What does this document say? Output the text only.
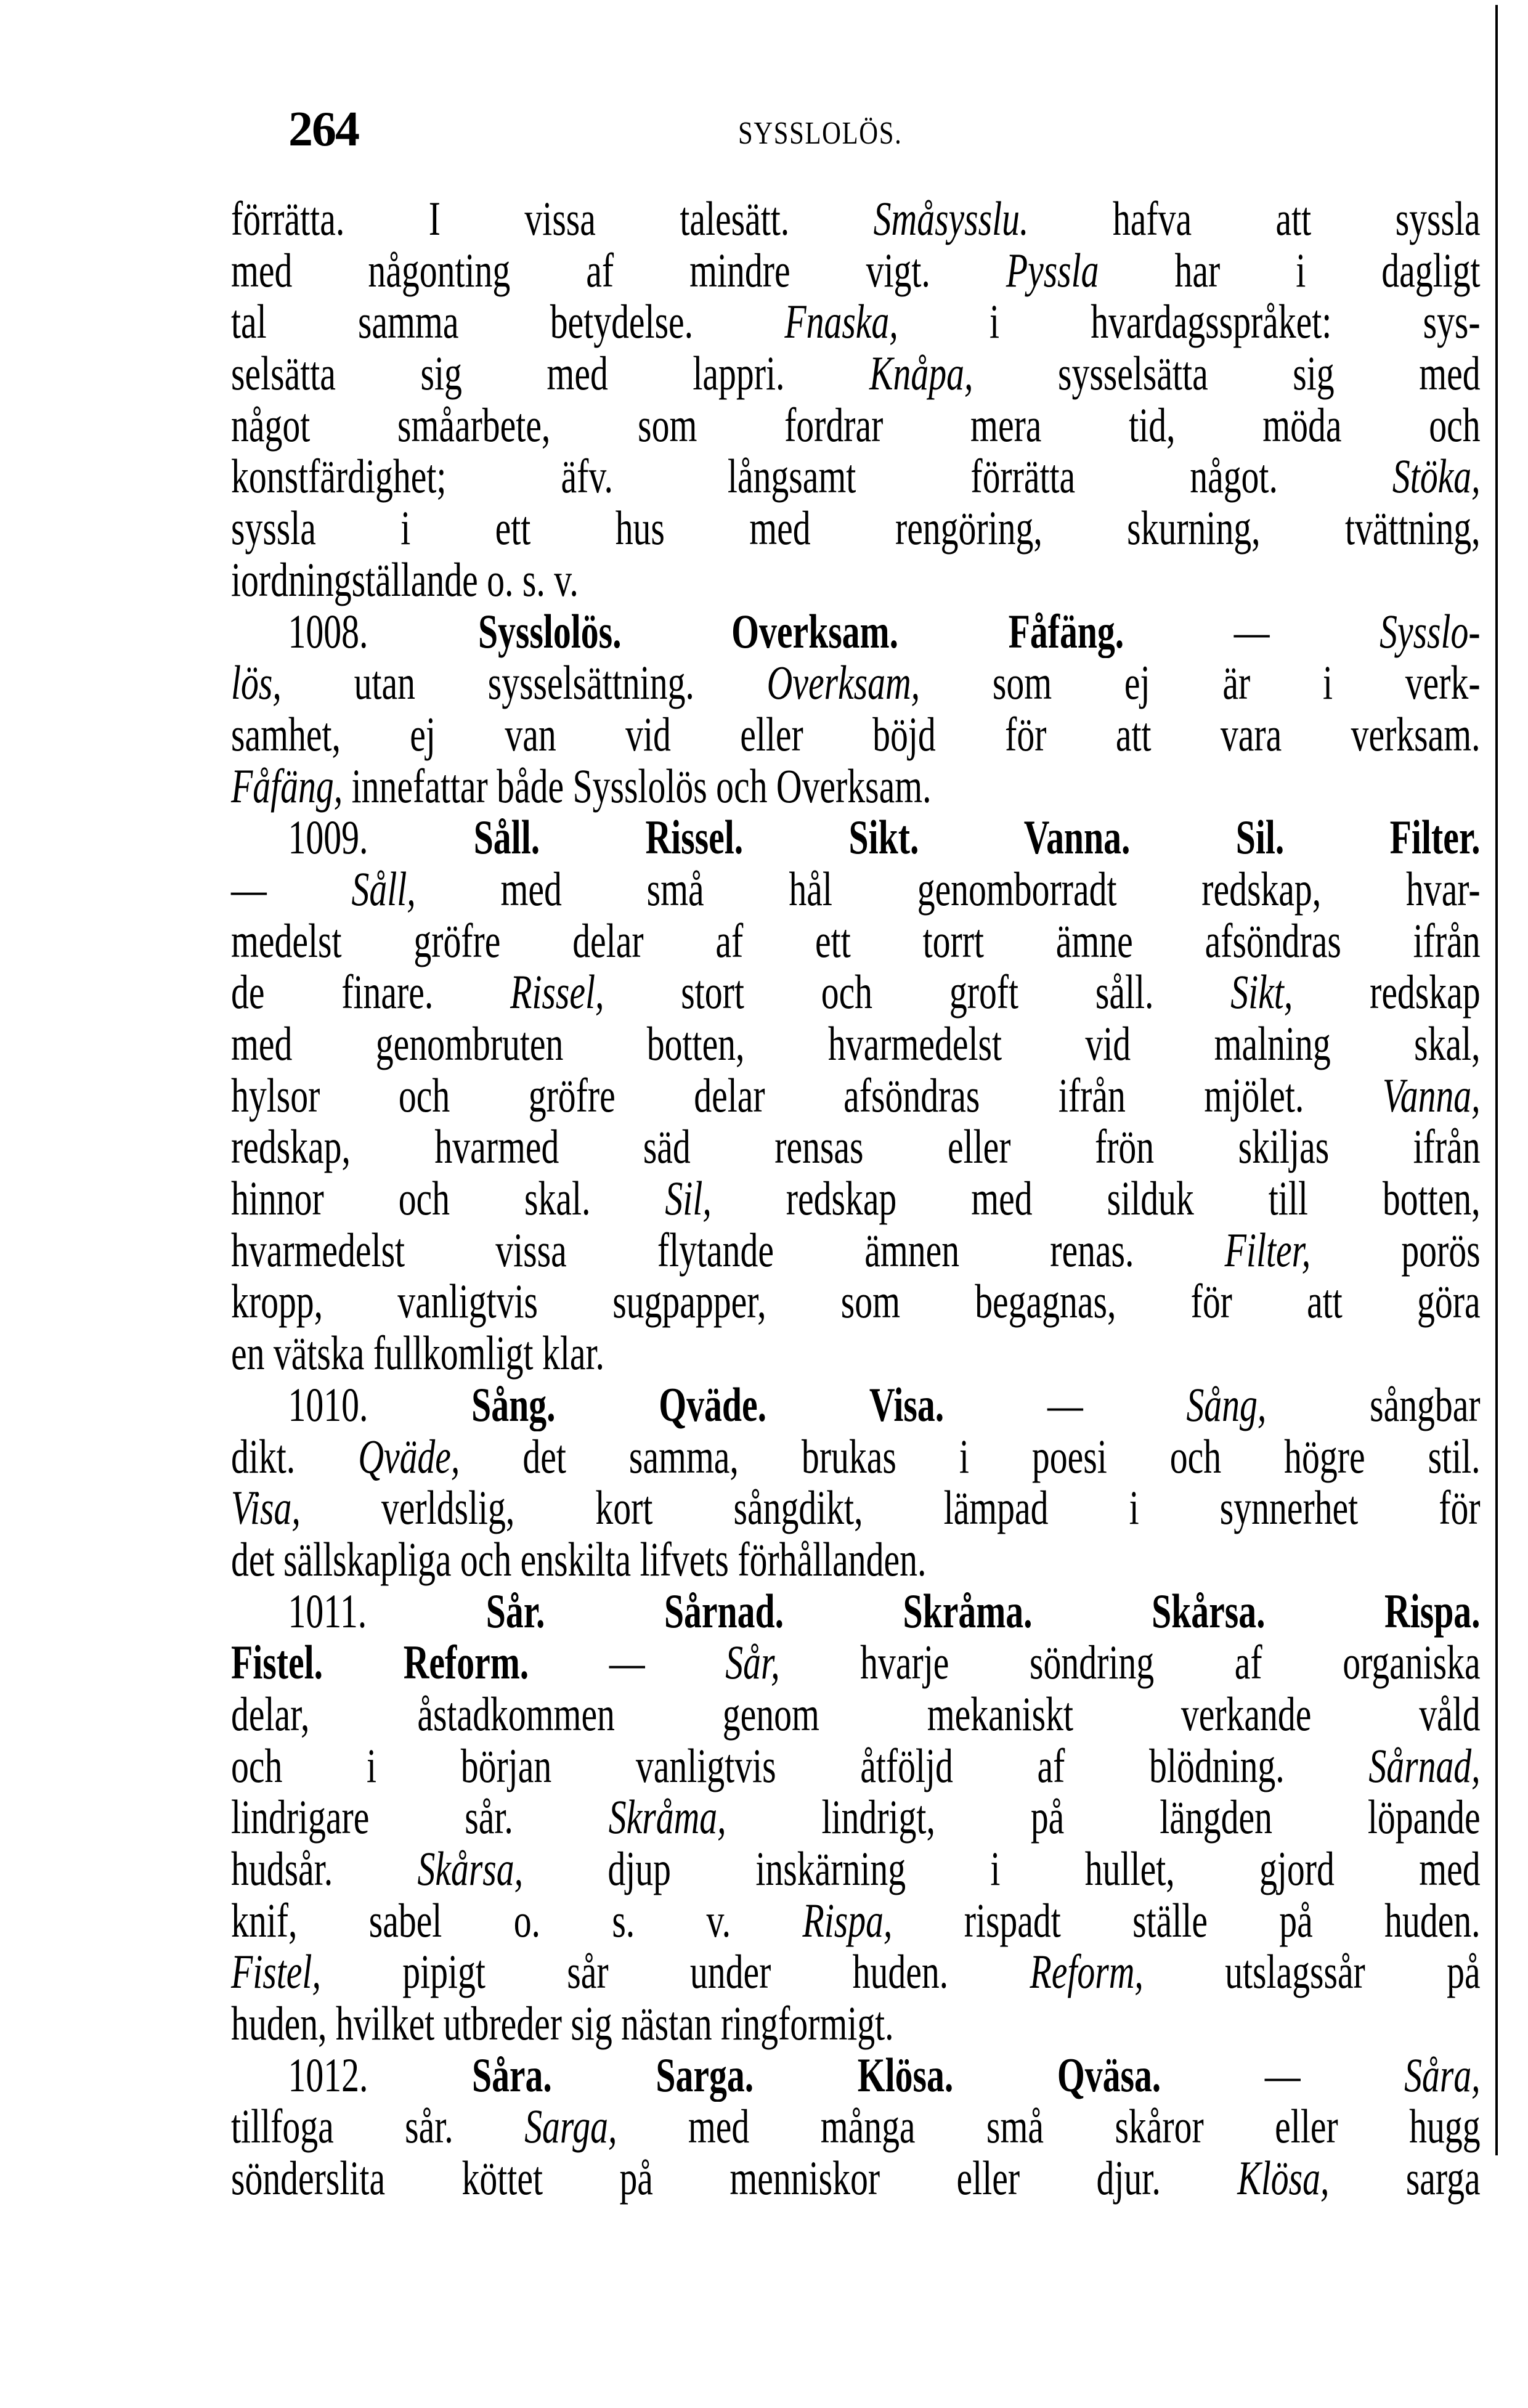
264	SYSSLOLÖS.
förrätta. I vissa talesätt. Småsysslu. hafva att syssla
med någonting af mindre vigt. Pyssla har i dagligt
tal samma betydelse. Fnaska, i hvardagsspråket: sys-
selsätta sig med lappri. Knåpa, sysselsätta sig med
något småarbete, som fordrar mera tid, möda och
konstfärdighet; äfv. långsamt förrätta något. Stöka,
syssla i ett hus med rengöring, skurning, tvättning,
iordningställande o. s. v.
1008. Sysslolös. Overksam. Fåfäng. — Sysslo-
lös, utan sysselsättning. Overksam, som ej är i verk-
samhet, ej van vid eller böjd för att vara verksam.
Fåfäng, innefattar både Sysslolös och Overksam.
1009. Såll. Rissel. Sikt. Vanna. Sil. Filter.
— Såll, med små hål genomborradt redskap, hvar-
medelst gröfre delar af ett torrt ämne afsöndras ifrån
de finare. Rissel, stort och groft såll. Sikt, redskap
med genombruten botten, hvarmedelst vid malning skal,
hylsor och gröfre delar afsöndras ifrån mjölet. Vanna,
redskap, hvarmed säd rensas eller frön skiljas ifrån
hinnor och skal. Sil, redskap med silduk till botten,
hvarmedelst vissa flytande ämnen renas. Filter, porös
kropp, vanligtvis sugpapper, som begagnas, för att göra
en vätska fullkomligt klar.
1010. Sång. Qväde. Visa. — Sång, sångbar
dikt. Qväde, det samma, brukas i poesi och högre stil.
Visa, verldslig, kort sångdikt, lämpad i synnerhet för
det sällskapliga och enskilta lifvets förhållanden.
1011. Sår. Sårnad. Skråma. Skårsa. Rispa.
Fistel. Reform. — Sår, hvarje söndring af organiska
delar, åstadkommen genom mekaniskt verkande våld
och i början vanligtvis åtföljd af blödning. Sårnad,
lindrigare sår. Skråma, lindrigt, på längden löpande
hudsår. Skårsa, djup inskärning i hullet, gjord med
knif, sabel o. s. v. Rispa, rispadt ställe på huden.
Fistel, pipigt sår under huden. Reform, utslagssår på
huden, hvilket utbreder sig nästan ringformigt.
1012. Såra. Sarga. Klösa. Qväsa. — Såra,
tillfoga sår. Sarga, med många små skåror eller hugg
sönderslita köttet på menniskor eller djur. Klösa, sarga
